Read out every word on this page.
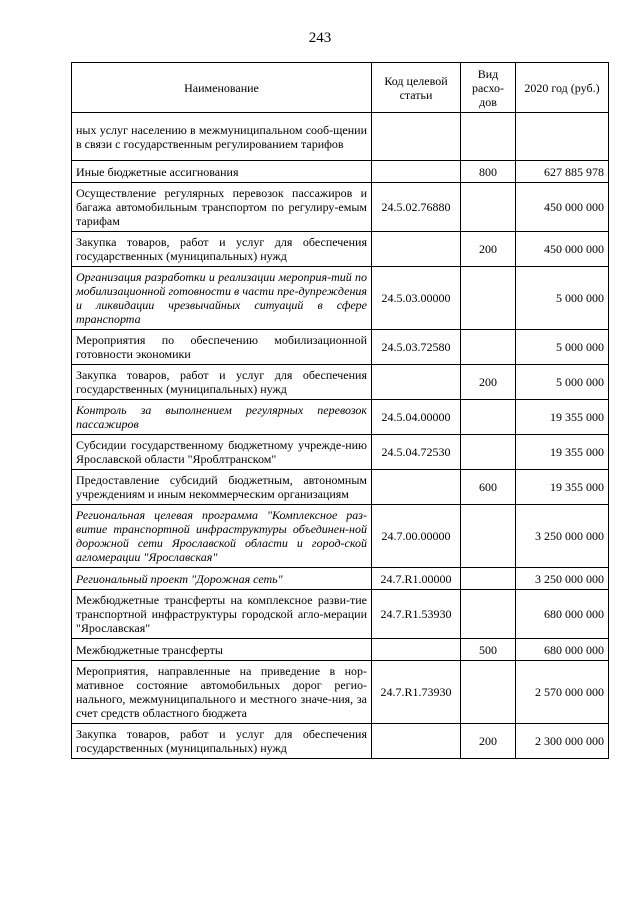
243
Наименование	Код целевой статьи	Вид расхо-дов	2020 год (руб.)
ных услуг населению в межмуниципальном сооб-щении в связи с государственным регулированием тарифов			
Иные бюджетные ассигнования		800	627 885 978
Осуществление регулярных перевозок пассажиров и багажа автомобильным транспортом по регулиру-емым тарифам	24.5.02.76880		450 000 000
Закупка товаров, работ и услуг для обеспечения государственных (муниципальных) нужд		200	450 000 000
Организация разработки и реализации мероприя-тий по мобилизационной готовности в части пре-дупреждения и ликвидации чрезвычайных ситуаций в сфере транспорта	24.5.03.00000		5 000 000
Мероприятия по обеспечению мобилизационной готовности экономики	24.5.03.72580		5 000 000
Закупка товаров, работ и услуг для обеспечения государственных (муниципальных) нужд		200	5 000 000
Контроль за выполнением регулярных перевозок пассажиров	24.5.04.00000		19 355 000
Субсидии государственному бюджетному учрежде-нию Ярославской области "Яроблтранском"	24.5.04.72530		19 355 000
Предоставление субсидий бюджетным, автономным учреждениям и иным некоммерческим организациям		600	19 355 000
Региональная целевая программа "Комплексное раз-витие транспортной инфраструктуры объединен-ной дорожной сети Ярославской области и город-ской агломерации "Ярославская"	24.7.00.00000		3 250 000 000
Региональный проект "Дорожная сеть"	24.7.R1.00000		3 250 000 000
Межбюджетные трансферты на комплексное разви-тие транспортной инфраструктуры городской агло-мерации "Ярославская"	24.7.R1.53930		680 000 000
Межбюджетные трансферты		500	680 000 000
Мероприятия, направленные на приведение в нор-мативное состояние автомобильных дорог регио-нального, межмуниципального и местного значе-ния, за счет средств областного бюджета	24.7.R1.73930		2 570 000 000
Закупка товаров, работ и услуг для обеспечения государственных (муниципальных) нужд		200	2 300 000 000
